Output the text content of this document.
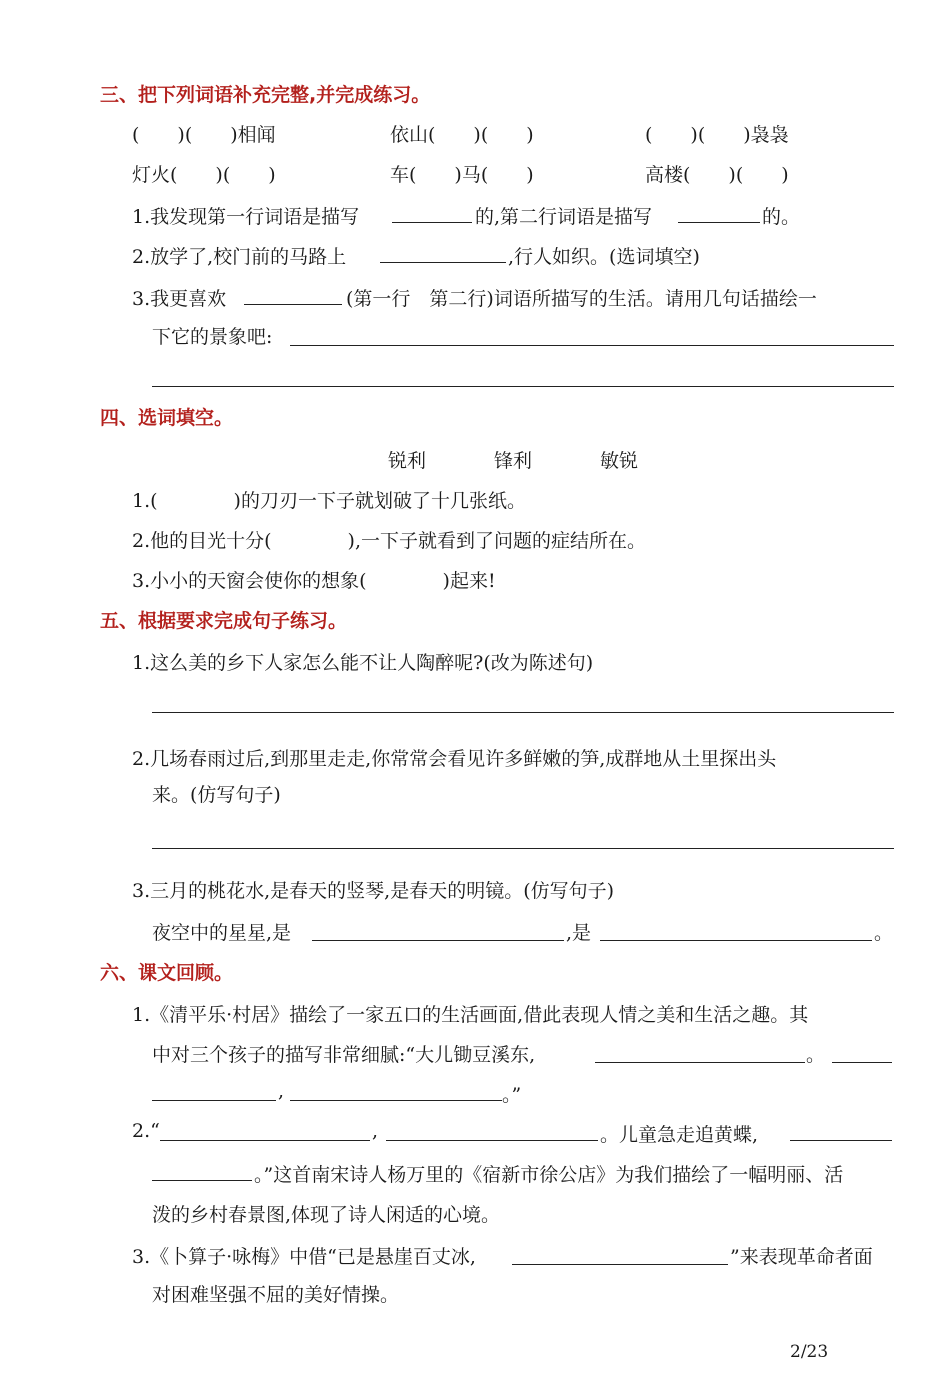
三、把下列词语补充完整,并完成练习。
(　　)(　　)相闻	依山(　　)(　　)	(　　)(　　)袅袅
灯火(　　)(　　)	车(　　)马(　　)	高楼(　　)(　　)
1.我发现第一行词语是描写	的,第二行词语是描写	的。
2.放学了,校门前的马路上	,行人如织。(选词填空)
3.我更喜欢	(第一行　第二行)词语所描写的生活。请用几句话描绘一
下它的景象吧:
四、选词填空。
锐利	锋利	敏锐
1.(　　　　)的刀刃一下子就划破了十几张纸。
2.他的目光十分(　　　　),一下子就看到了问题的症结所在。
3.小小的天窗会使你的想象(　　　　)起来!
五、根据要求完成句子练习。
1.这么美的乡下人家怎么能不让人陶醉呢?(改为陈述句)
2.几场春雨过后,到那里走走,你常常会看见许多鲜嫩的笋,成群地从土里探出头
来。(仿写句子)
3.三月的桃花水,是春天的竖琴,是春天的明镜。(仿写句子)
夜空中的星星,是	,是	。
六、课文回顾。
1.《清平乐·村居》描绘了一家五口的生活画面,借此表现人情之美和生活之趣。其
中对三个孩子的描写非常细腻:“大儿锄豆溪东,	。
,	。”
2.“	,	。儿童急走追黄蝶,
。”这首南宋诗人杨万里的《宿新市徐公店》为我们描绘了一幅明丽、活
泼的乡村春景图,体现了诗人闲适的心境。
3.《卜算子·咏梅》中借“已是悬崖百丈冰,	”来表现革命者面
对困难坚强不屈的美好情操。
2/23
